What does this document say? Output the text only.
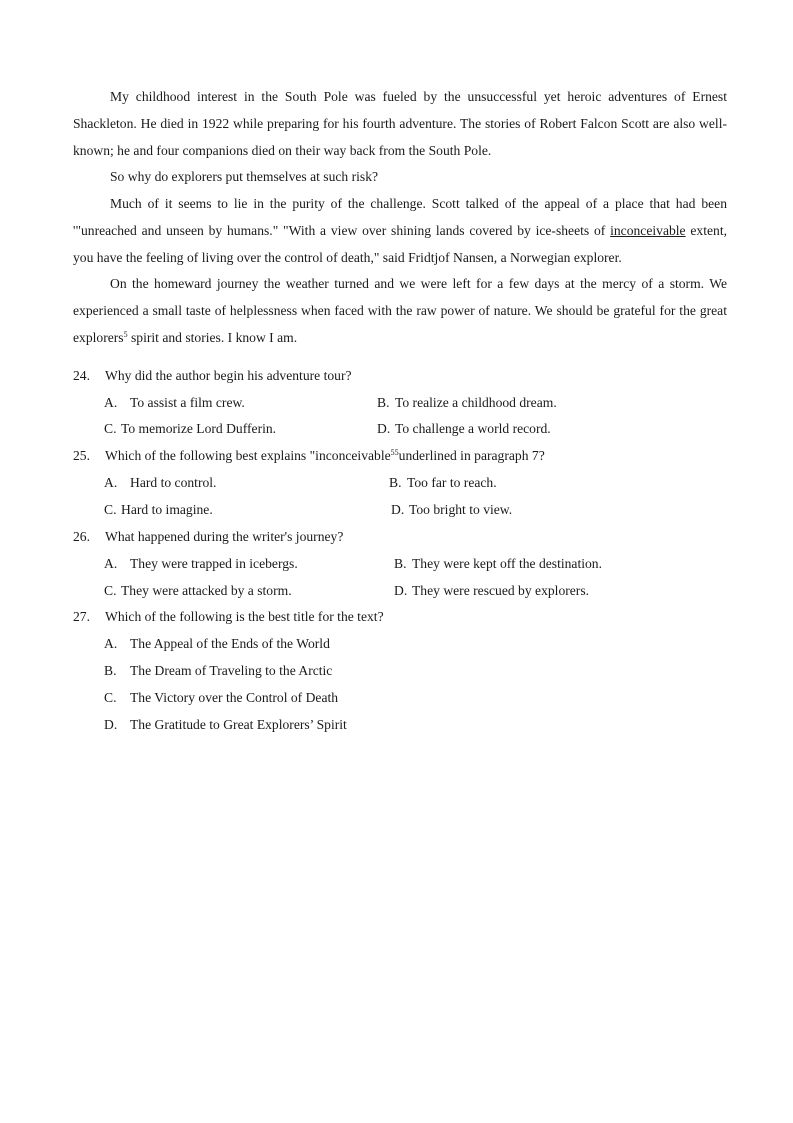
My childhood interest in the South Pole was fueled by the unsuccessful yet heroic adventures of Ernest Shackleton. He died in 1922 while preparing for his fourth adventure. The stories of Robert Falcon Scott are also well-known; he and four companions died on their way back from the South Pole.

So why do explorers put themselves at such risk?

Much of it seems to lie in the purity of the challenge. Scott talked of the appeal of a place that had been '"unreached and unseen by humans." "With a view over shining lands covered by ice-sheets of inconceivable extent, you have the feeling of living over the control of death," said Fridtjof Nansen, a Norwegian explorer.

On the homeward journey the weather turned and we were left for a few days at the mercy of a storm. We experienced a small taste of helplessness when faced with the raw power of nature. We should be grateful for the great explorers$^5$ spirit and stories. I know I am.

24. Why did the author begin his adventure tour?
A. To assist a film crew.	B. To realize a childhood dream.
C. To memorize Lord Dufferin.	D. To challenge a world record.
25. Which of the following best explains "inconceivable$^{55}$underlined in paragraph 7?
A. Hard to control.	B. Too far to reach.
C. Hard to imagine.	D. Too bright to view.
26. What happened during the writer's journey?
A. They were trapped in icebergs.	B. They were kept off the destination.
C. They were attacked by a storm.	D. They were rescued by explorers.
27. Which of the following is the best title for the text?
A. The Appeal of the Ends of the World
B. The Dream of Traveling to the Arctic
C. The Victory over the Control of Death
D. The Gratitude to Great Explorers’ Spirit
